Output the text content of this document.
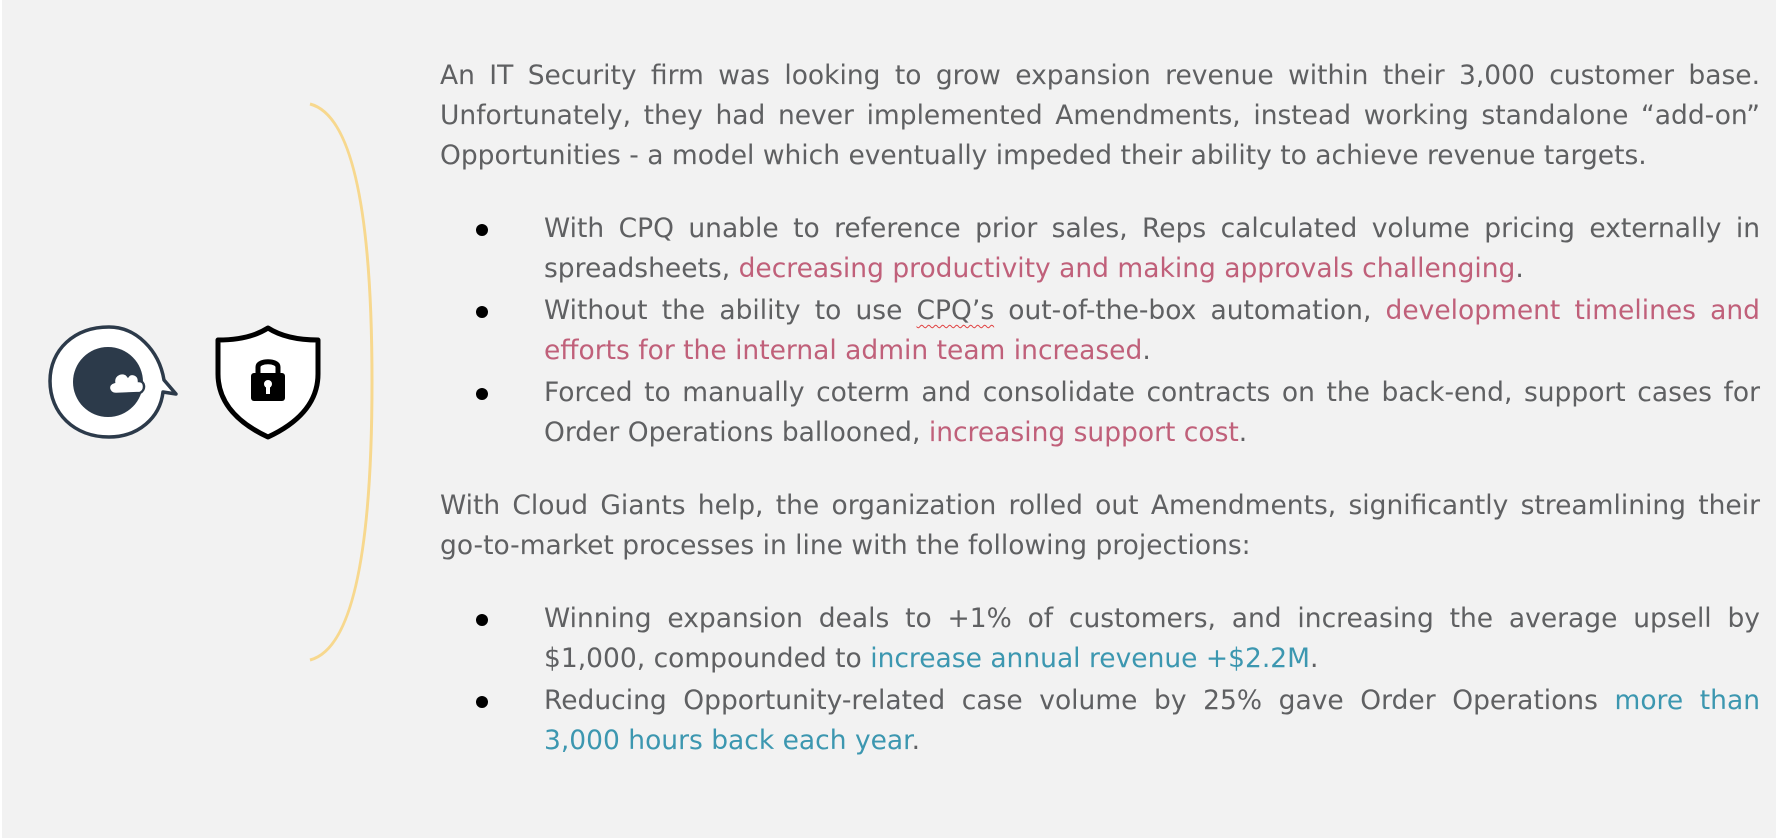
An IT Security firm was looking to grow expansion revenue within their 3,000 customer base. Unfortunately, they had never implemented Amendments, instead working standalone “add-on” Opportunities - a model which eventually impeded their ability to achieve revenue targets.

With CPQ unable to reference prior sales, Reps calculated volume pricing externally in spreadsheets, decreasing productivity and making approvals challenging.
Without the ability to use CPQ’s out-of-the-box automation, development timelines and efforts for the internal admin team increased.
Forced to manually coterm and consolidate contracts on the back-end, support cases for Order Operations ballooned, increasing support cost.

With Cloud Giants help, the organization rolled out Amendments, significantly streamlining their go-to-market processes in line with the following projections:

Winning expansion deals to +1% of customers, and increasing the average upsell by $1,000, compounded to increase annual revenue +$2.2M.
Reducing Opportunity-related case volume by 25% gave Order Operations more than 3,000 hours back each year.
